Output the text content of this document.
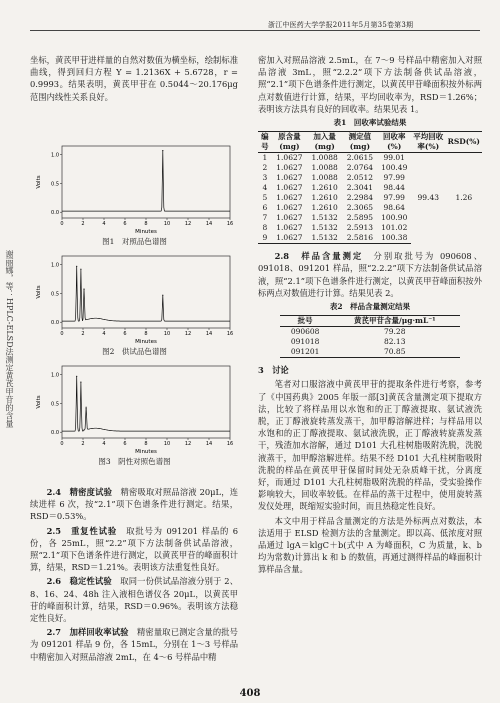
浙江中医药大学学报2011年5月第35卷第3期
谢丽娜，等：HPLC-ELSD法测定黄芪甲苷的含量

坐标，黄芪甲苷进样量的自然对数值为横坐标，绘制标准曲线，得到回归方程 Y = 1.2136X + 5.6728，r = 0.9993。结果表明，黄芪甲苷在 0.5044～20.176μg 范围内线性关系良好。

0.0
0.5
1.0
0	2	4	6	8	10	12	14	16
Volts
Minutes
图1　对照品色谱图
0.0
0.5
1.0
0	2	4	6	8	10	12	14	16
Volts
Minutes
图2　供试品色谱图
0.0
0.5
1.0
0	2	4	6	8	10	12	14	16
Volts
Minutes
图3　阴性对照色谱图

2.4　精密度试验　 精密吸取对照品溶液 20μL，连续进样 6 次，按“2.1”项下色谱条件进行测定。结果，RSD＝0.53%。

2.5　重复性试验　 取批号为 091201 样品的 6 份，各 25mL，照“2.2”项下方法制备供试品溶液，照“2.1”项下色谱条件进行测定，以黄芪甲苷的峰面积计算，结果，RSD＝1.21%。表明该方法重复性良好。

2.6　稳定性试验　 取同一份供试品溶液分别于 2、8、16、24、48h 注入液相色谱仪各 20μL，以黄芪甲苷的峰面积计算，结果，RSD＝0.96%。表明该方法稳定性良好。

2.7　加样回收率试验　 精密量取已测定含量的批号为 091201 样品 9 份，各 15mL，分别在 1～3 号样品中精密加入对照品溶液 2mL，在 4～6 号样品中精

密加入对照品溶液 2.5mL，在 7～9 号样品中精密加入对照品溶液 3mL，照“2.2.2”项下方法制备供试品溶液，照“2.1”项下色谱条件进行测定，以黄芪甲苷峰面积按外标两点对数值进行计算，结果，平均回收率为，RSD＝1.26%；表明该方法具有良好的回收率。结果见表 1。

表1　回收率试验结果
编号	原含量(mg)	加入量(mg)	测定值(mg)	回收率(%)	平均回收率(%)	RSD(%)
1	1.0627	1.0088	2.0615	99.01	99.43	1.26
2	1.0627	1.0088	2.0764	100.49		
3	1.0627	1.0088	2.0512	97.99		
4	1.0627	1.2610	2.3041	98.44		
5	1.0627	1.2610	2.2984	97.99		
6	1.0627	1.2610	2.3065	98.64		
7	1.0627	1.5132	2.5895	100.90		
8	1.0627	1.5132	2.5913	101.02		
9	1.0627	1.5132	2.5816	100.38		

2.8　样品含量测定　 分别取批号为 090608、091018、091201 样品，照“2.2.2”项下方法制备供试品溶液，照“2.1”项下色谱条件进行测定，以黄芪甲苷峰面积按外标两点对数值进行计算。结果见表 2。

表2　样品含量测定结果
批号	黄芪甲苷含量/μg·mL⁻¹
090608	79.28
091018	82.13
091201	70.85

3　讨论

笔者对口服溶液中黄芪甲苷的提取条件进行考察，参考了《中国药典》2005 年版一部[3]黄芪含量测定项下提取方法，比较了将样品用以水饱和的正丁醇液提取、氨试液洗脱，正丁醇液旋转蒸发蒸干，加甲醇溶解进样；与样品用以水饱和的正丁醇液提取、氨试液洗脱，正丁醇液转旋蒸发蒸干，残渣加水溶解，通过 D101 大孔柱树脂吸附洗脱，洗脱液蒸干，加甲醇溶解进样。结果不经 D101 大孔柱树脂吸附洗脱的样品在黄芪甲苷保留时间处无杂质峰干扰，分离度好，而通过 D101 大孔柱树脂吸附洗脱的样品，受实验操作影响较大，回收率较低。在样品的蒸干过程中，使用旋转蒸发仪处理，既缩短实验时间，而且热稳定性良好。

本文中用于样品含量测定的方法是外标两点对数法，本法适用于 ELSD 检测方法的含量测定。即以高、低浓度对照品通过 lgA＝klgC＋b(式中 A 为峰面积，C 为质量，k、b 均为常数)计算出 k 和 b 的数值，再通过测得样品的峰面积计算样品含量。

408
